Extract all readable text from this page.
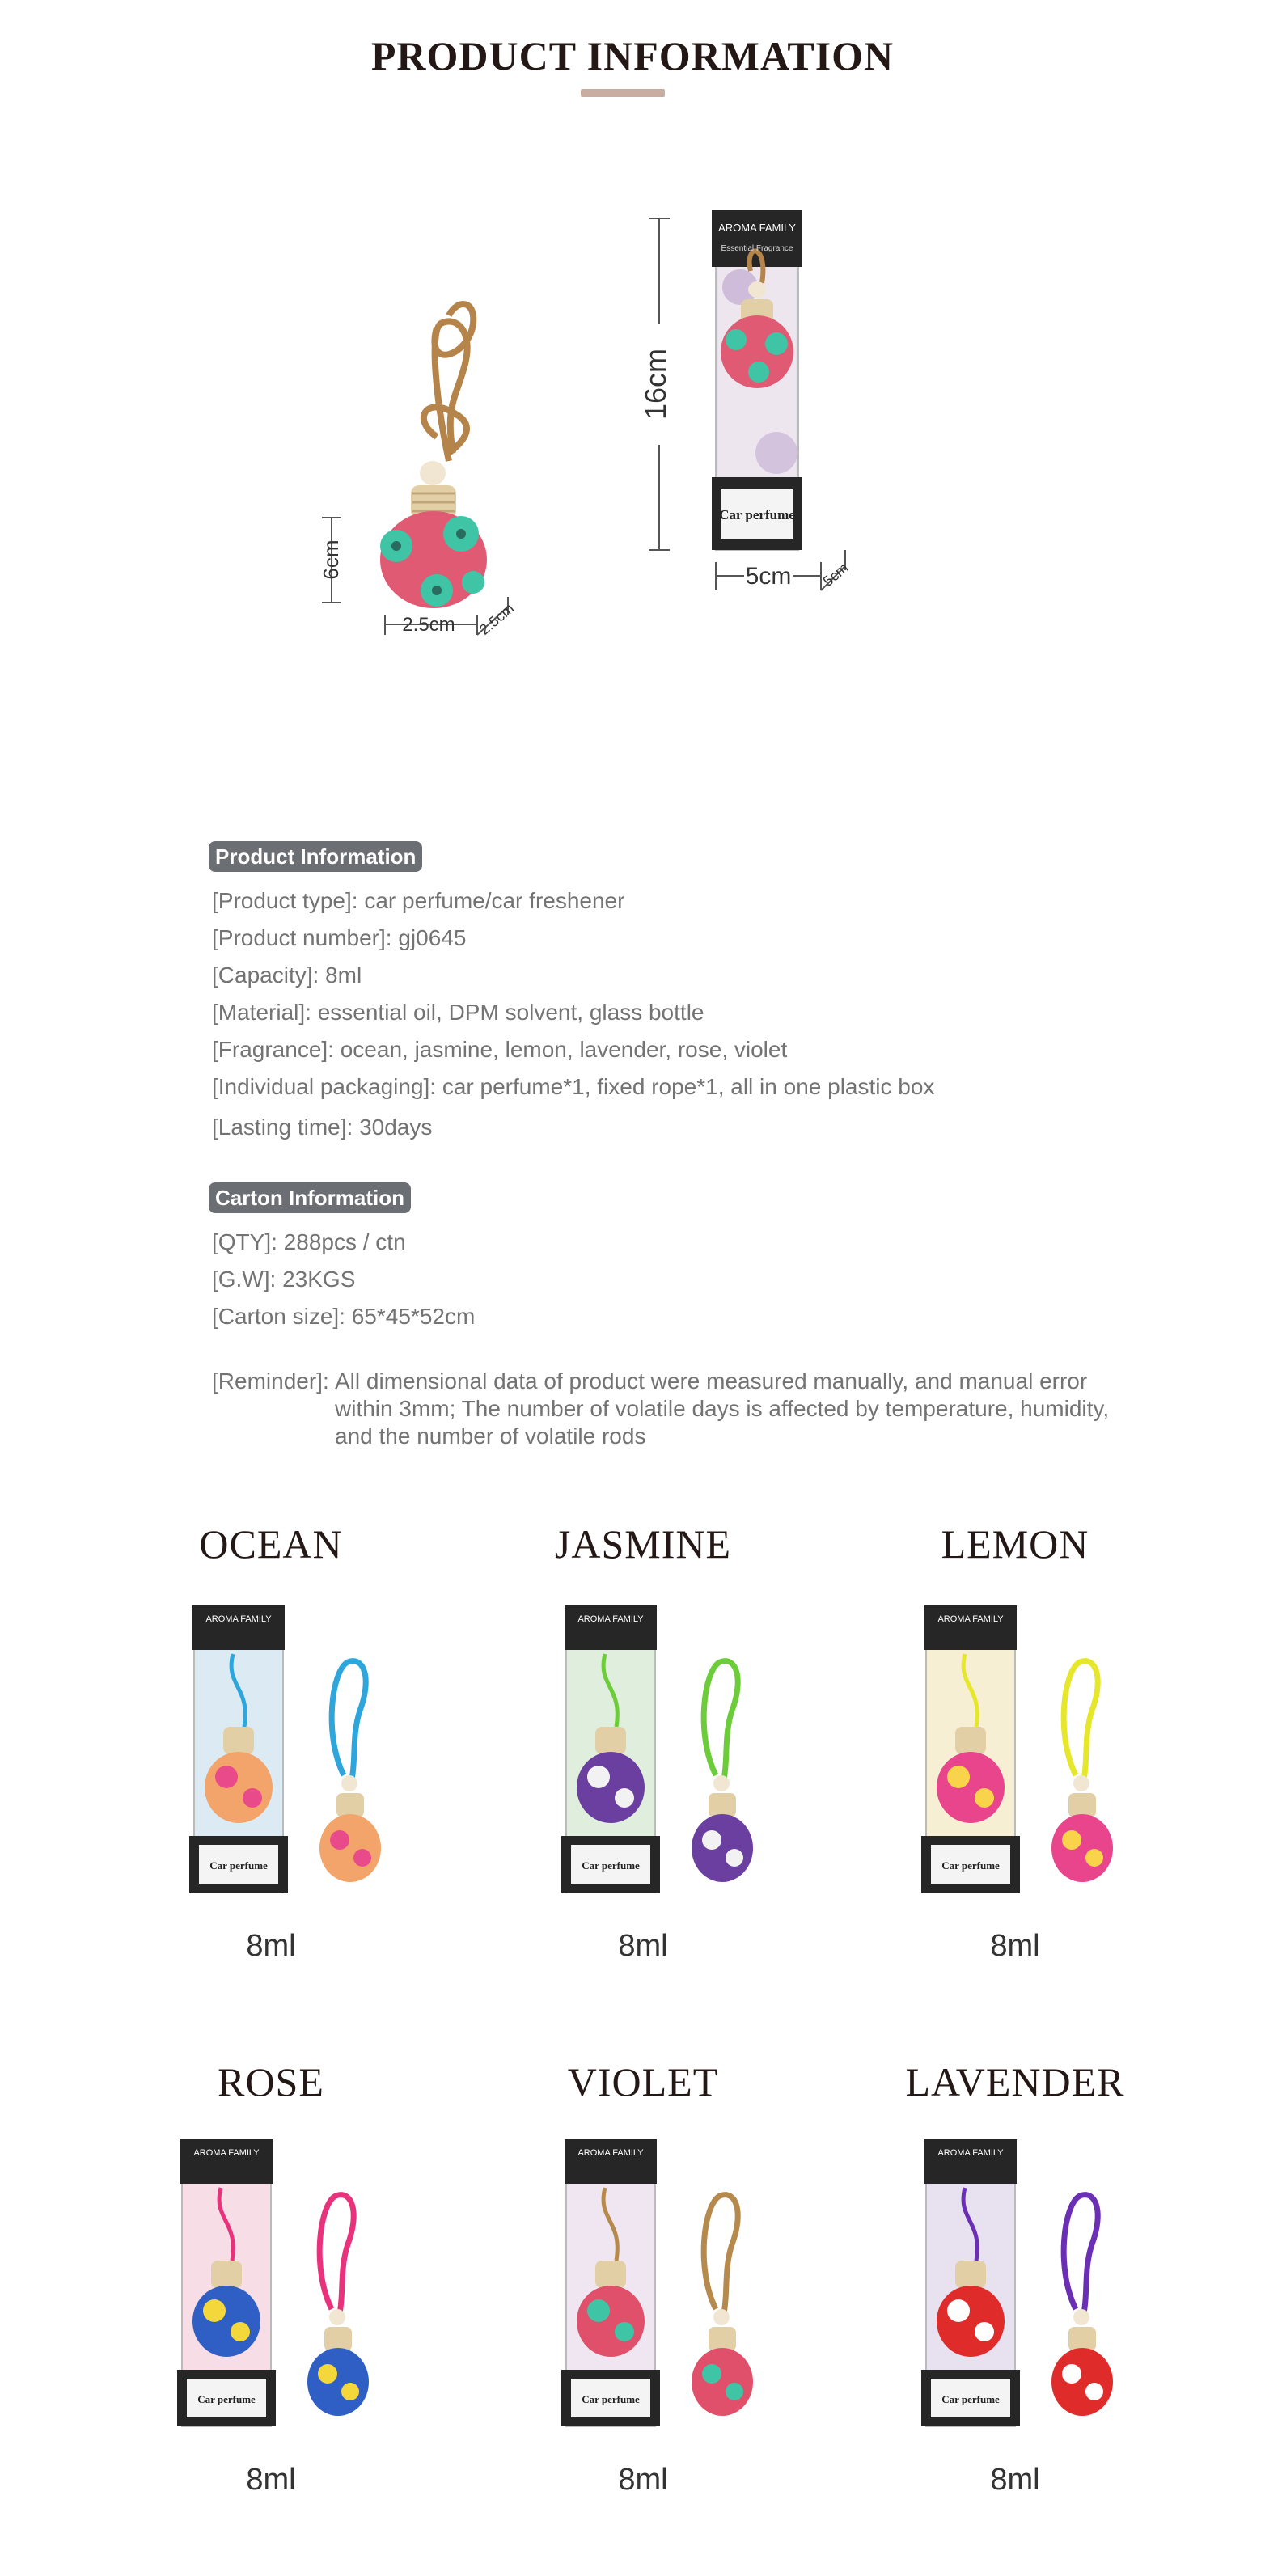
PRODUCT INFORMATION
6cm
2.5cm 2.5cm
AROMA FAMILY
Essential Fragrance
Car perfume
16cm
5cm 5cm
Product Information
[Product type]: car perfume/car freshener
[Product number]: gj0645
[Capacity]: 8ml
[Material]: essential oil, DPM solvent, glass bottle
[Fragrance]: ocean, jasmine, lemon, lavender, rose, violet
[Individual packaging]: car perfume*1, fixed rope*1, all in one plastic box
[Lasting time]: 30days
Carton Information
[QTY]: 288pcs / ctn
[G.W]: 23KGS
[Carton size]: 65*45*52cm
[Reminder]: All dimensional data of product were measured manually, and manual error
within 3mm; The number of volatile days is affected by temperature, humidity,
and the number of volatile rods
OCEAN	JASMINE	LEMON
ROSE	VIOLET	LAVENDER
8ml	8ml	8ml
8ml	8ml	8ml
AROMA FAMILY
Car perfume
AROMA FAMILY
Car perfume
AROMA FAMILY
Car perfume
AROMA FAMILY
Car perfume
AROMA FAMILY
Car perfume
AROMA FAMILY
Car perfume
